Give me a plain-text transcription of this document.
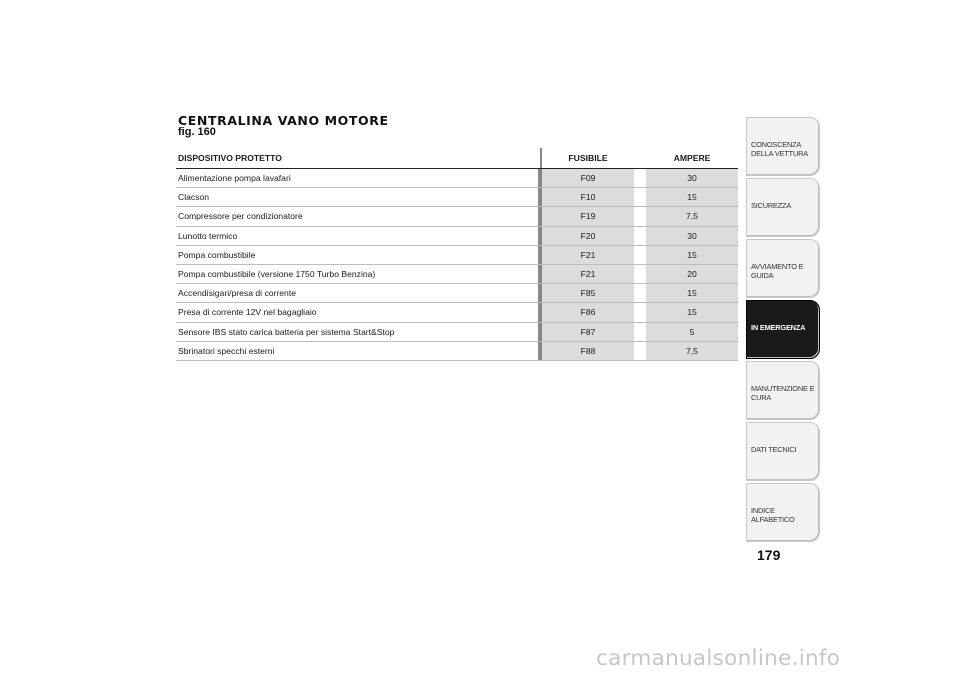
CENTRALINA VANO MOTORE
fig. 160
DISPOSITIVO PROTETTO		FUSIBILE		AMPERE
Alimentazione pompa lavafari		F09		30
Clacson		F10		15
Compressore per condizionatore		F19		7,5
Lunotto termico		F20		30
Pompa combustibile		F21		15
Pompa combustibile (versione 1750 Turbo Benzina)		F21		20
Accendisigari/presa di corrente		F85		15
Presa di corrente 12V nel bagagliaio		F86		15
Sensore IBS stato carica batteria per sistema Start&Stop		F87		5
Sbrinatori specchi esterni		F88		7,5
CONOSCENZA
DELLA VETTURA
SICUREZZA
AVVIAMENTO E
GUIDA
IN EMERGENZA
MANUTENZIONE E
CURA
DATI TECNICI
INDICE ALFABETICO
179
carmanualsonline.info
